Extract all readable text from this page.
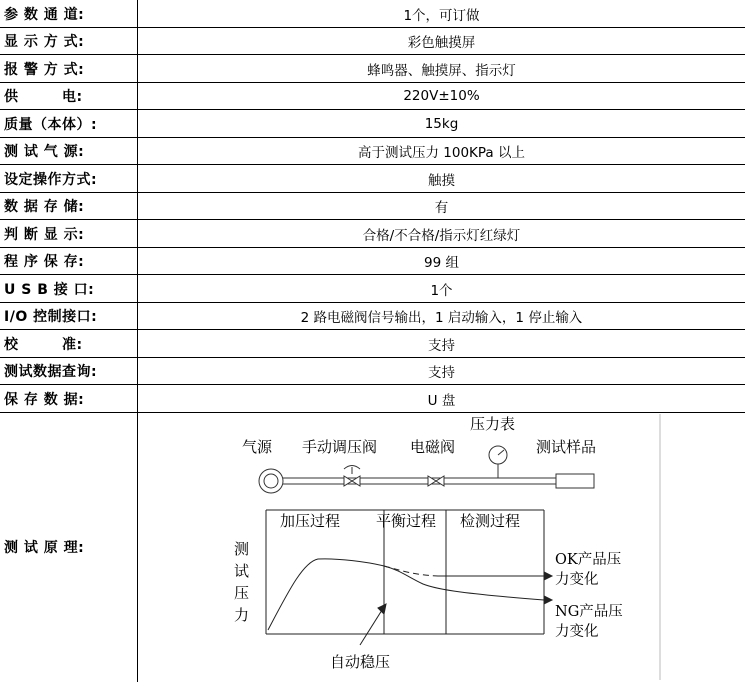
参 数 通 道:	1个，可订做
显 示 方 式:	彩色触摸屏
报 警 方 式:	蜂鸣器、触摸屏、指示灯
供　　　电:	220V±10%
质量（本体）:	15kg
测 试 气 源:	高于测试压力 100KPa 以上
设定操作方式:	触摸
数 据 存 储:	有
判 断 显 示:	合格/不合格/指示灯红绿灯
程 序 保 存:	99 组
U S B 接 口:	1个
I/O 控制接口:	2 路电磁阀信号输出，1 启动输入，1 停止输入
校　　　准:	支持
测试数据查询:	支持
保 存 数 据:	U 盘
测 试 原 理:
压力表
气源 手动调压阀 电磁阀	测试样品
加压过程 平衡过程 检测过程
测
试
压
力
OK产品压
力变化
NG产品压
力变化
自动稳压
